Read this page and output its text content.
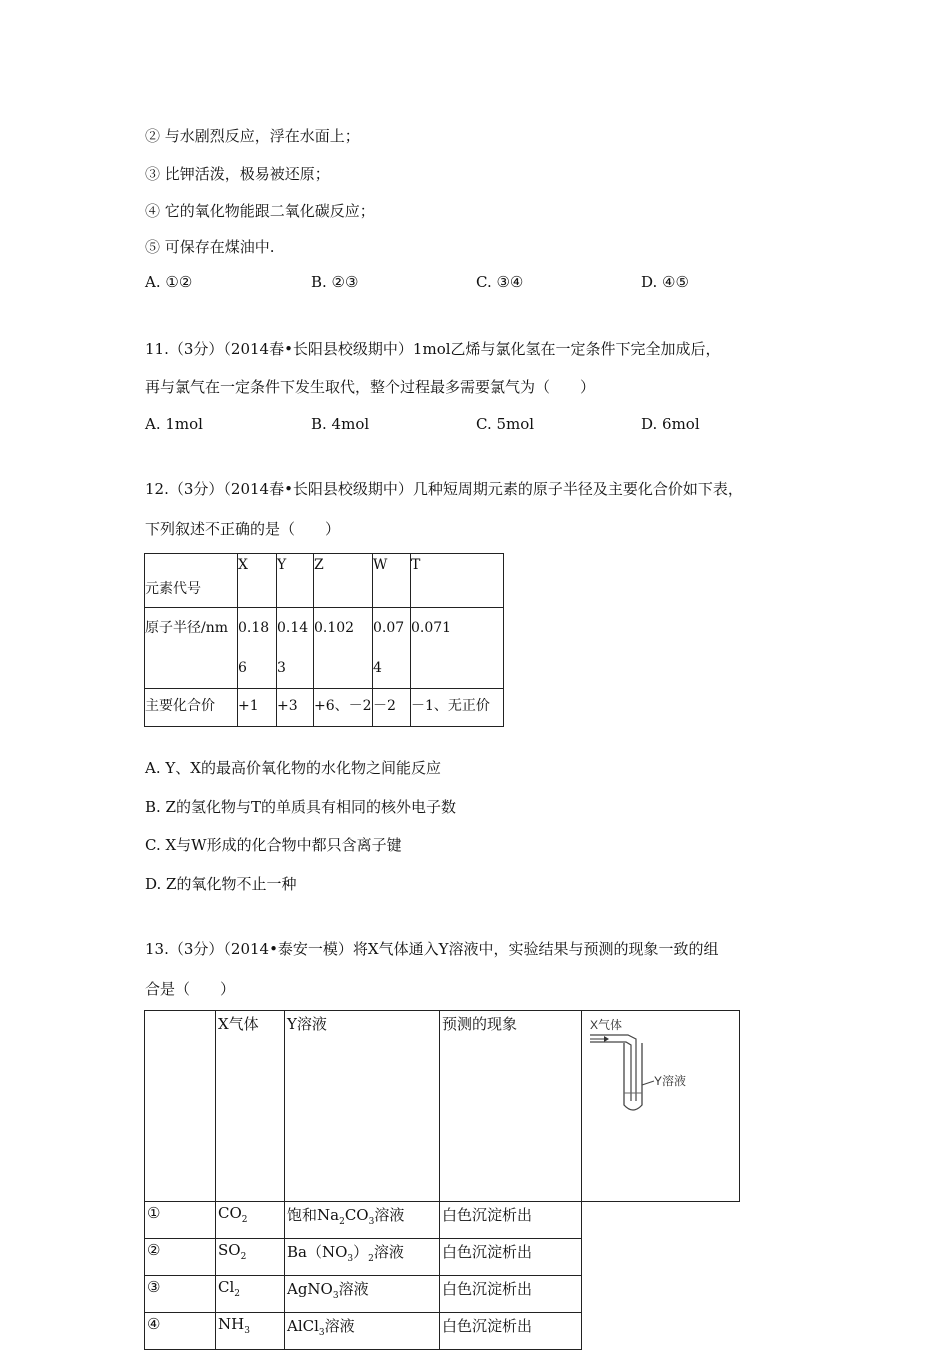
② 与水剧烈反应，浮在水面上；
③ 比钾活泼，极易被还原；
④ 它的氧化物能跟二氧化碳反应；
⑤ 可保存在煤油中.
A. ①②	B. ②③	C. ③④	D. ④⑤
11.（3分）（2014春•长阳县校级期中）1mol乙烯与氯化氢在一定条件下完全加成后，
再与氯气在一定条件下发生取代，整个过程最多需要氯气为（　　）
A. 1mol	B. 4mol	C. 5mol	D. 6mol
12.（3分）（2014春•长阳县校级期中）几种短周期元素的原子半径及主要化合价如下表，
下列叙述不正确的是（　　）
元素代号	X	Y	Z	W	T
原子半径/nm	0.186	0.143	0.102	0.074	0.071
主要化合价	+1	+3	+6、－2	－2	－1、无正价
A. Y、X的最高价氧化物的水化物之间能反应
B. Z的氢化物与T的单质具有相同的核外电子数
C. X与W形成的化合物中都只含离子键
D. Z的氧化物不止一种
13.（3分）（2014•泰安一模）将X气体通入Y溶液中，实验结果与预测的现象一致的组
合是（　　）
	X气体	Y溶液	预测的现象	X气体
Y溶液

①	$CO_2$	饱和$Na_2CO_3$溶液	白色沉淀析出	
②	$SO_2$	$Ba(NO_3)_2$溶液	白色沉淀析出	
③	$Cl_2$	AgNO$_3$溶液	白色沉淀析出	
④	$NH_3$	AlCl$_3$溶液	白色沉淀析出	
